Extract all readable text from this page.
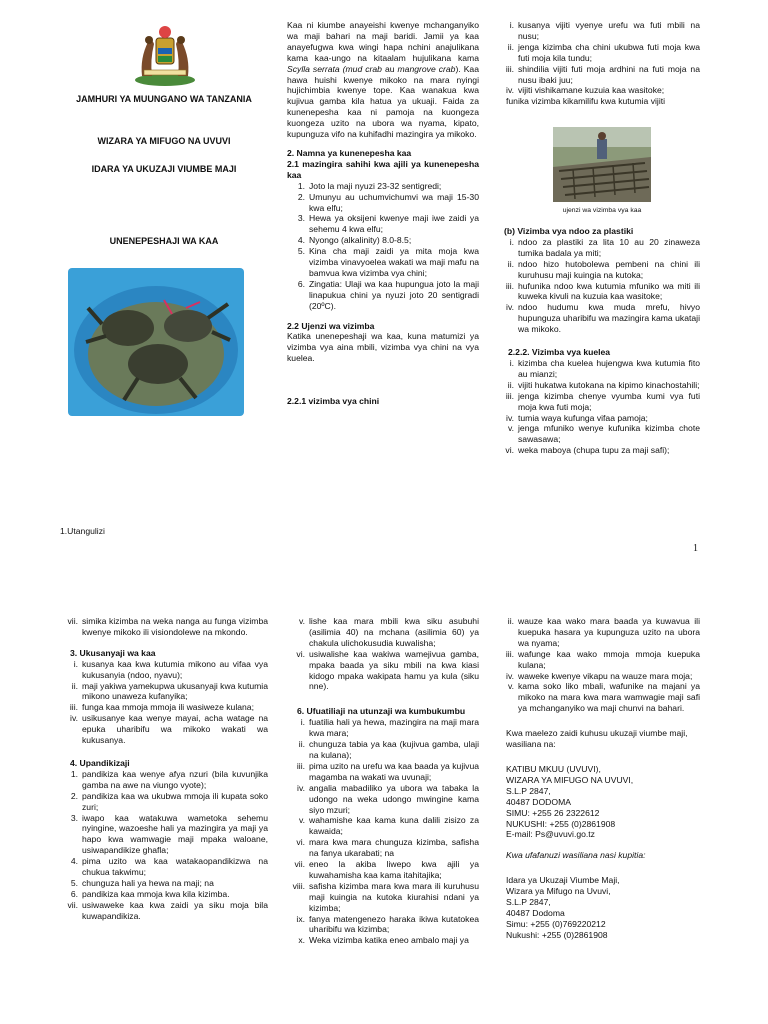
JAMHURI YA MUUNGANO WA TANZANIA
WIZARA YA MIFUGO NA UVUVI
IDARA YA UKUZAJI VIUMBE MAJI
UNENEPESHAJI WA KAA
1.Utangulizi
Kaa ni kiumbe anayeishi kwenye mchanganyiko wa maji bahari na maji baridi. Jamii ya kaa anayefugwa kwa wingi hapa nchini anajulikana kama kaa-ungo na kitaalam hujulikana kama Scylla serrata (mud crab au mangrove crab). Kaa hawa huishi kwenye mikoko na mara nyingi hujichimbia kwenye tope. Kaa wanakua kwa kujivua gamba kila hatua ya ukuaji. Faida za kunenepesha kaa ni pamoja na kuongeza kuongeza uzito na ubora wa nyama, kipato, kupunguza vifo na kuhifadhi mazingira ya mikoko.
2. Namna ya kunenepesha kaa
2.1 mazingira sahihi kwa ajili ya kunenepesha kaa
1. Joto la maji nyuzi 23-32 sentigredi;
2. Umunyu au uchumvichumvi wa maji 15-30 kwa elfu;
3. Hewa ya oksijeni kwenye maji iwe zaidi ya sehemu 4 kwa elfu;
4. Nyongo (alkalinity) 8.0-8.5;
5. Kina cha maji zaidi ya mita moja kwa vizimba vinavyoelea wakati wa maji mafu na bamvua kwa vizimba vya chini;
6. Zingatia: Ulaji wa kaa hupungua joto la maji linapukua chini ya nyuzi joto 20 sentigradi (20ºC).
2.2 Ujenzi wa vizimba
Katika unenepeshaji wa kaa, kuna matumizi ya vizimba vya aina mbili, vizimba vya chini na vya kuelea.
2.2.1 vizimba vya chini
i. kusanya vijiti vyenye urefu wa futi mbili na nusu;
ii. jenga kizimba cha chini ukubwa futi moja kwa futi moja kila tundu;
iii. shindilia vijiti futi moja ardhini na futi moja na nusu ibaki juu;
iv. vijiti vishikamane kuzuia kaa wasitoke;
funika vizimba kikamilifu kwa kutumia vijiti
ujenzi wa vizimba vya kaa
(b) Vizimba vya ndoo za plastiki
i. ndoo za plastiki za lita 10 au 20 zinaweza tumika badala ya miti;
ii. ndoo hizo hutobolewa pembeni na chini ili kuruhusu maji kuingia na kutoka;
iii. hufunika ndoo kwa kutumia mfuniko wa miti ili kuweka kivuli na kuzuia kaa wasitoke;
iv. ndoo hudumu kwa muda mrefu, hivyo hupunguza uharibifu wa mazingira kama ukataji wa mikoko.
2.2.2. Vizimba vya kuelea
i. kizimba cha kuelea hujengwa kwa kutumia fito au mianzi;
ii. vijiti hukatwa kutokana na kipimo kinachostahili;
iii. jenga kizimba chenye vyumba kumi vya futi moja kwa futi moja;
iv. tumia waya kufunga vifaa pamoja;
v. jenga mfuniko wenye kufunika kizimba chote sawasawa;
vi. weka maboya (chupa tupu za maji safi);
1
vii. simika kizimba na weka nanga au funga vizimba kwenye mikoko ili visiondolewe na mkondo.
3. Ukusanyaji wa kaa
i. kusanya kaa kwa kutumia mikono au vifaa vya kukusanyia (ndoo, nyavu);
ii. maji yakiwa yamekupwa ukusanyaji kwa kutumia mikono unaweza kufanyika;
iii. funga kaa mmoja mmoja ili wasiweze kulana;
iv. usikusanye kaa wenye mayai, acha watage na epuka uharibifu wa mikoko wakati wa kukusanya.
4. Upandikizaji
1. pandikiza kaa wenye afya nzuri (bila kuvunjika gamba na awe na viungo vyote);
2. pandikiza kaa wa ukubwa mmoja ili kupata soko zuri;
3. iwapo kaa watakuwa wametoka sehemu nyingine, wazoeshe hali ya mazingira ya maji ya hapo kwa wamwagie maji mpaka waloane, usiwapandikize ghafla;
4. pima uzito wa kaa watakaopandikizwa na chukua takwimu;
5. chunguza hali ya hewa na maji; na
6. pandikiza kaa mmoja kwa kila kizimba.
vii. usiwaweke kaa kwa zaidi ya siku moja bila kuwapandikiza.
v. lishe kaa mara mbili kwa siku asubuhi (asilimia 40) na mchana (asilimia 60) ya chakula ulichokusudia kuwalisha;
vi. usiwalishe kaa wakiwa wamejivua gamba, mpaka baada ya siku mbili na kwa kiasi kidogo mpaka wakipata hamu ya kula (siku nne).
6. Ufuatiliaji na utunzaji wa kumbukumbu
i. fuatilia hali ya hewa, mazingira na maji mara kwa mara;
ii. chunguza tabia ya kaa (kujivua gamba, ulaji na kulana);
iii. pima uzito na urefu wa kaa baada ya kujivua magamba na wakati wa uvunaji;
iv. angalia mabadiliko ya ubora wa tabaka la udongo na weka udongo mwingine kama siyo mzuri;
v. wahamishe kaa kama kuna dalili zisizo za kawaida;
vi. mara kwa mara chunguza kizimba, safisha na fanya ukarabati; na
vii. eneo la akiba liwepo kwa ajili ya kuwahamisha kaa kama itahitajika;
viii. safisha kizimba mara kwa mara ili kuruhusu maji kuingia na kutoka kiurahisi ndani ya kizimba;
ix. fanya matengenezo haraka ikiwa kutatokea uharibifu wa kizimba;
x. Weka vizimba katika eneo ambalo maji ya
ii. wauze kaa wako mara baada ya kuwavua ili kuepuka hasara ya kupunguza uzito na ubora wa nyama;
iii. wafunge kaa wako mmoja mmoja kuepuka kulana;
iv. waweke kwenye vikapu na wauze mara moja;
v. kama soko liko mbali, wafunike na majani ya mikoko na mara kwa mara wamwagie maji safi ya mchanganyiko wa maji chunvi na bahari.
Kwa maelezo zaidi kuhusu ukuzaji viumbe maji, wasiliana na:
KATIBU MKUU (UVUVI),
WIZARA YA MIFUGO NA UVUVI,
S.L.P 2847,
40487 DODOMA
SIMU: +255 26 2322612
NUKUSHI: +255 (0)2861908
E-mail: Ps@uvuvi.go.tz
Kwa ufafanuzi wasiliana nasi kupitia:
Idara ya Ukuzaji Viumbe Maji,
Wizara ya Mifugo na Uvuvi,
S.L.P 2847,
40487 Dodoma
Simu: +255 (0)769220212
Nukushi: +255 (0)2861908
